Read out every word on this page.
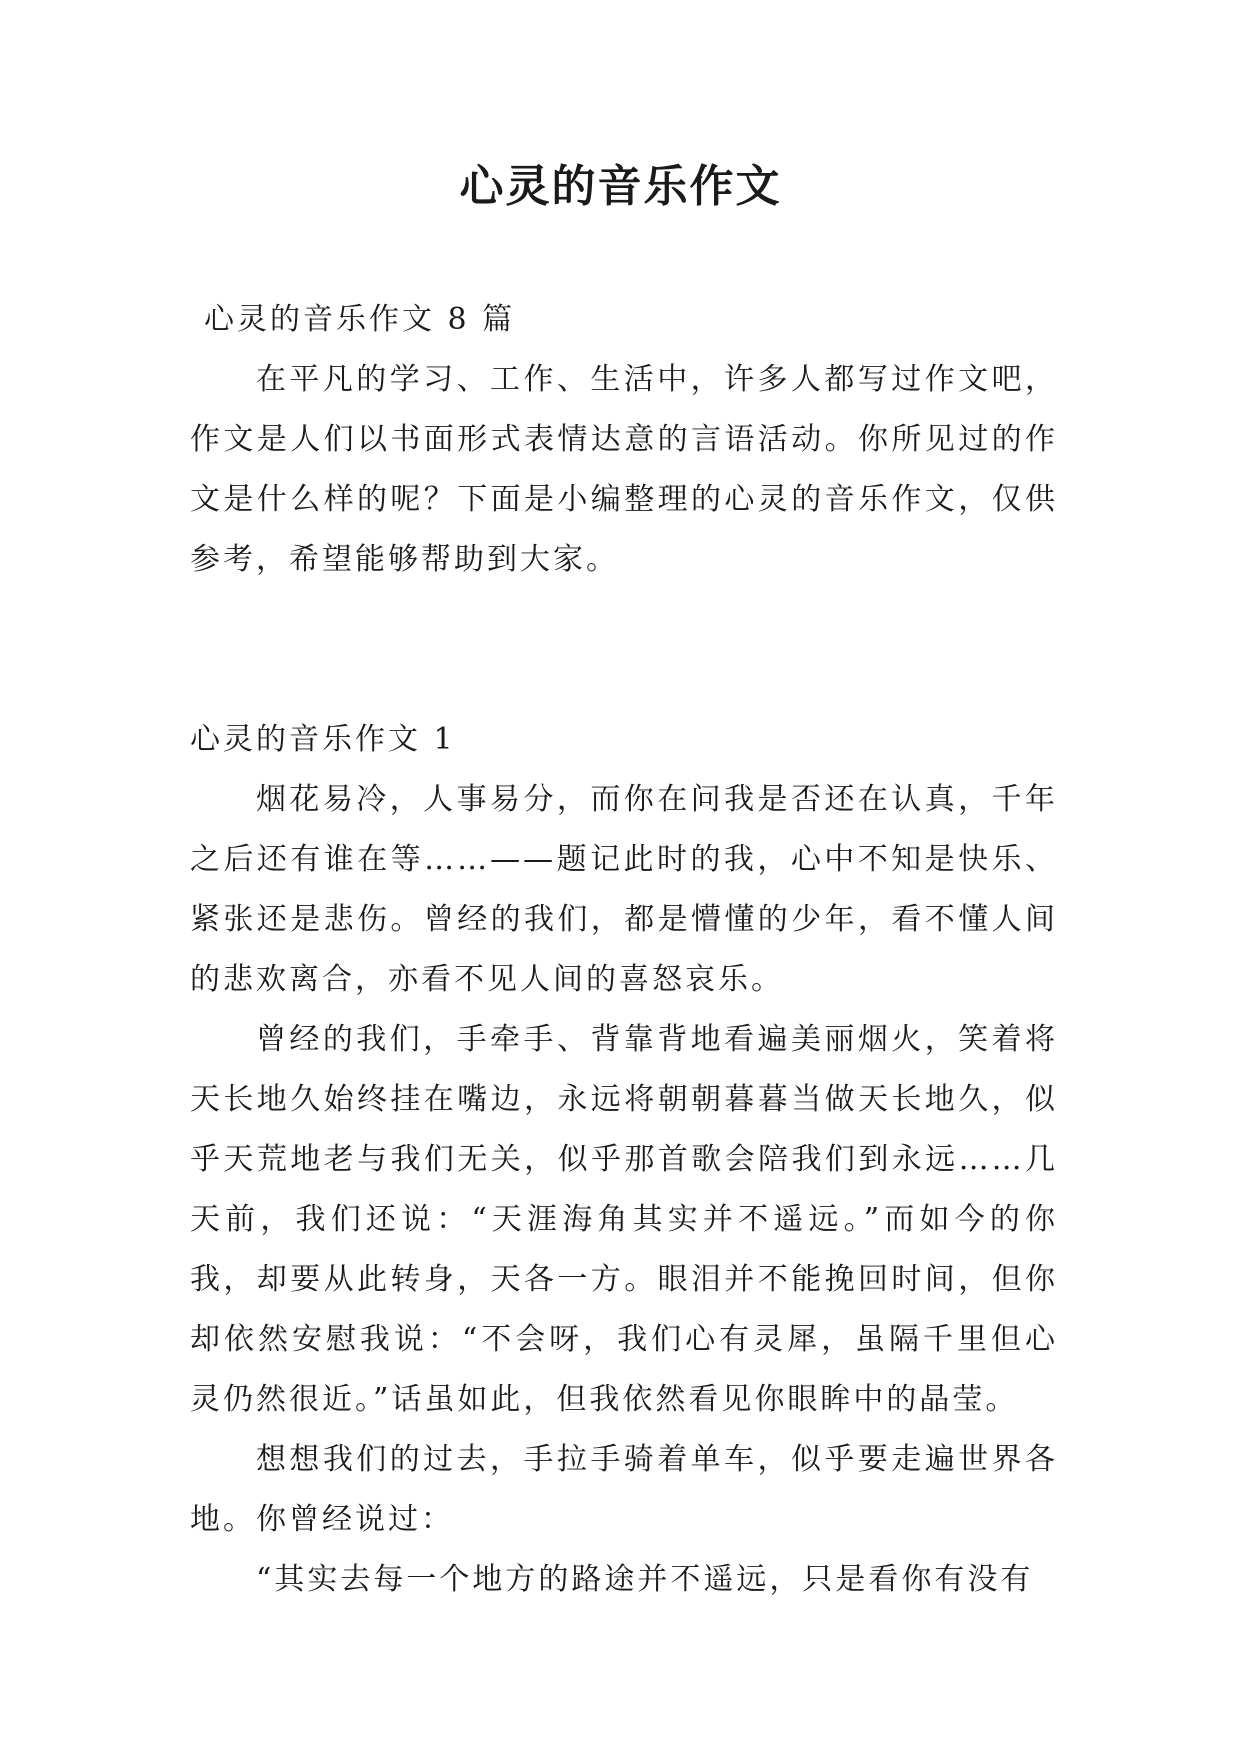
心灵的音乐作文

心灵的音乐作文 8 篇

在平凡的学习、工作、生活中，许多人都写过作文吧，作文是人们以书面形式表情达意的言语活动。你所见过的作文是什么样的呢？下面是小编整理的心灵的音乐作文，仅供参考，希望能够帮助到大家。

心灵的音乐作文 1

烟花易冷，人事易分，而你在问我是否还在认真，千年之后还有谁在等……——题记此时的我，心中不知是快乐、紧张还是悲伤。曾经的我们，都是懵懂的少年，看不懂人间的悲欢离合，亦看不见人间的喜怒哀乐。

曾经的我们，手牵手、背靠背地看遍美丽烟火，笑着将天长地久始终挂在嘴边，永远将朝朝暮暮当做天长地久，似乎天荒地老与我们无关，似乎那首歌会陪我们到永远……几天前，我们还说：“天涯海角其实并不遥远。”而如今的你我，却要从此转身，天各一方。眼泪并不能挽回时间，但你却依然安慰我说：“不会呀，我们心有灵犀，虽隔千里但心灵仍然很近。”话虽如此，但我依然看见你眼眸中的晶莹。

想想我们的过去，手拉手骑着单车，似乎要走遍世界各地。你曾经说过：

“其实去每一个地方的路途并不遥远，只是看你有没有
